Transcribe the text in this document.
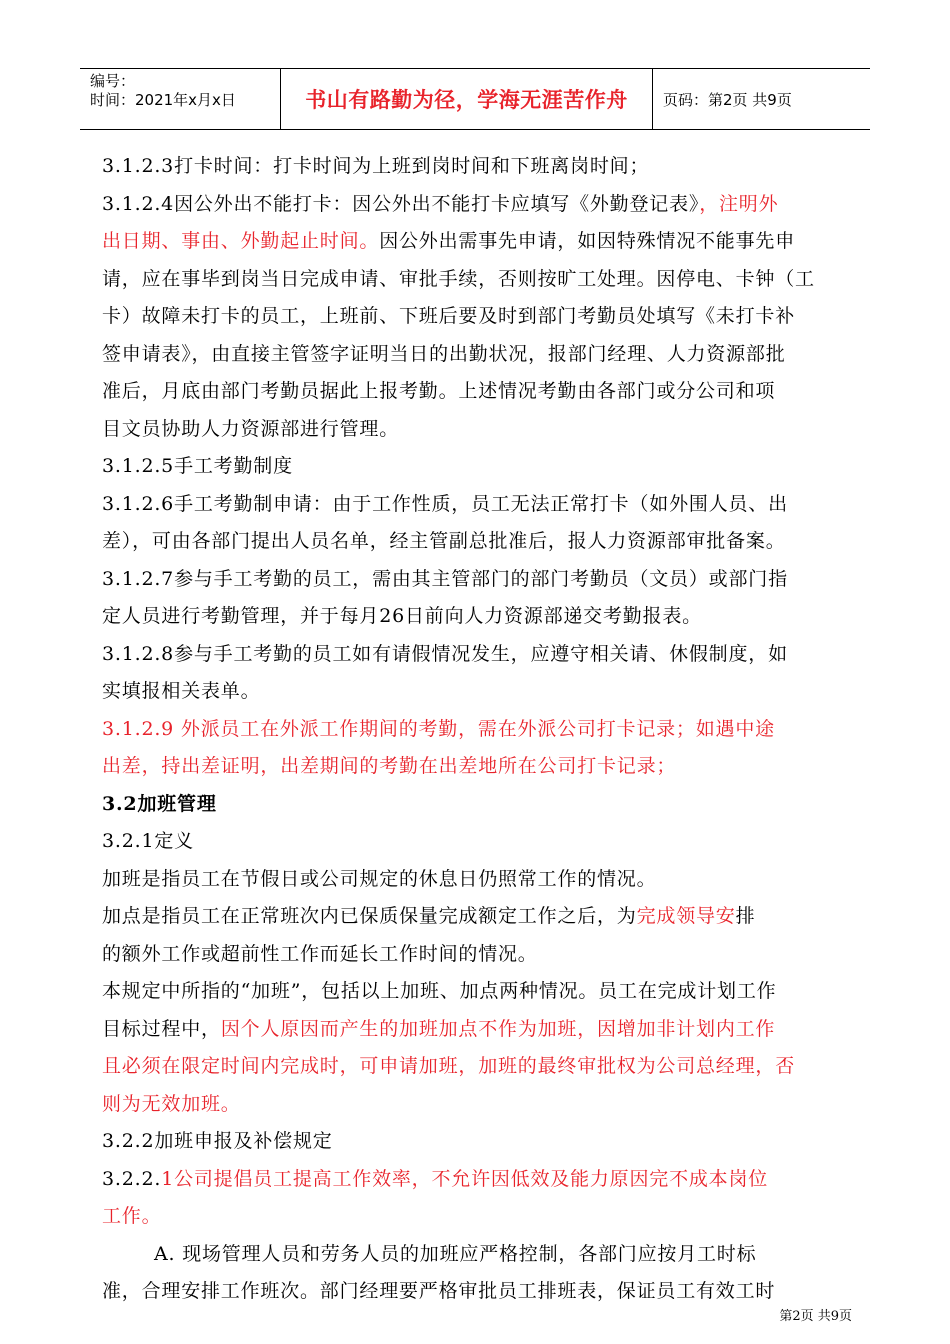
编号：
时间：2021年x月x日	书山有路勤为径，学海无涯苦作舟	页码：第2页 共9页
3.1.2.3打卡时间：打卡时间为上班到岗时间和下班离岗时间；
3.1.2.4因公外出不能打卡：因公外出不能打卡应填写《外勤登记表》，注明外
出日期、事由、外勤起止时间。因公外出需事先申请，如因特殊情况不能事先申
请，应在事毕到岗当日完成申请、审批手续，否则按旷工处理。因停电、卡钟（工
卡）故障未打卡的员工，上班前、下班后要及时到部门考勤员处填写《未打卡补
签申请表》，由直接主管签字证明当日的出勤状况，报部门经理、人力资源部批
准后，月底由部门考勤员据此上报考勤。上述情况考勤由各部门或分公司和项
目文员协助人力资源部进行管理。
3.1.2.5手工考勤制度
3.1.2.6手工考勤制申请：由于工作性质，员工无法正常打卡（如外围人员、出
差），可由各部门提出人员名单，经主管副总批准后，报人力资源部审批备案。
3.1.2.7参与手工考勤的员工，需由其主管部门的部门考勤员（文员）或部门指
定人员进行考勤管理，并于每月26日前向人力资源部递交考勤报表。
3.1.2.8参与手工考勤的员工如有请假情况发生，应遵守相关请、休假制度，如
实填报相关表单。
3.1.2.9 外派员工在外派工作期间的考勤，需在外派公司打卡记录；如遇中途
出差，持出差证明，出差期间的考勤在出差地所在公司打卡记录；
3.2加班管理
3.2.1定义
加班是指员工在节假日或公司规定的休息日仍照常工作的情况。
加点是指员工在正常班次内已保质保量完成额定工作之后，为完成领导安排
的额外工作或超前性工作而延长工作时间的情况。
本规定中所指的“加班”，包括以上加班、加点两种情况。员工在完成计划工作
目标过程中，因个人原因而产生的加班加点不作为加班，因增加非计划内工作
且必须在限定时间内完成时，可申请加班，加班的最终审批权为公司总经理，否
则为无效加班。
3.2.2加班申报及补偿规定
3.2.2.1公司提倡员工提高工作效率，不允许因低效及能力原因完不成本岗位
工作。
A. 现场管理人员和劳务人员的加班应严格控制，各部门应按月工时标
准，合理安排工作班次。部门经理要严格审批员工排班表，保证员工有效工时
第2页 共9页
